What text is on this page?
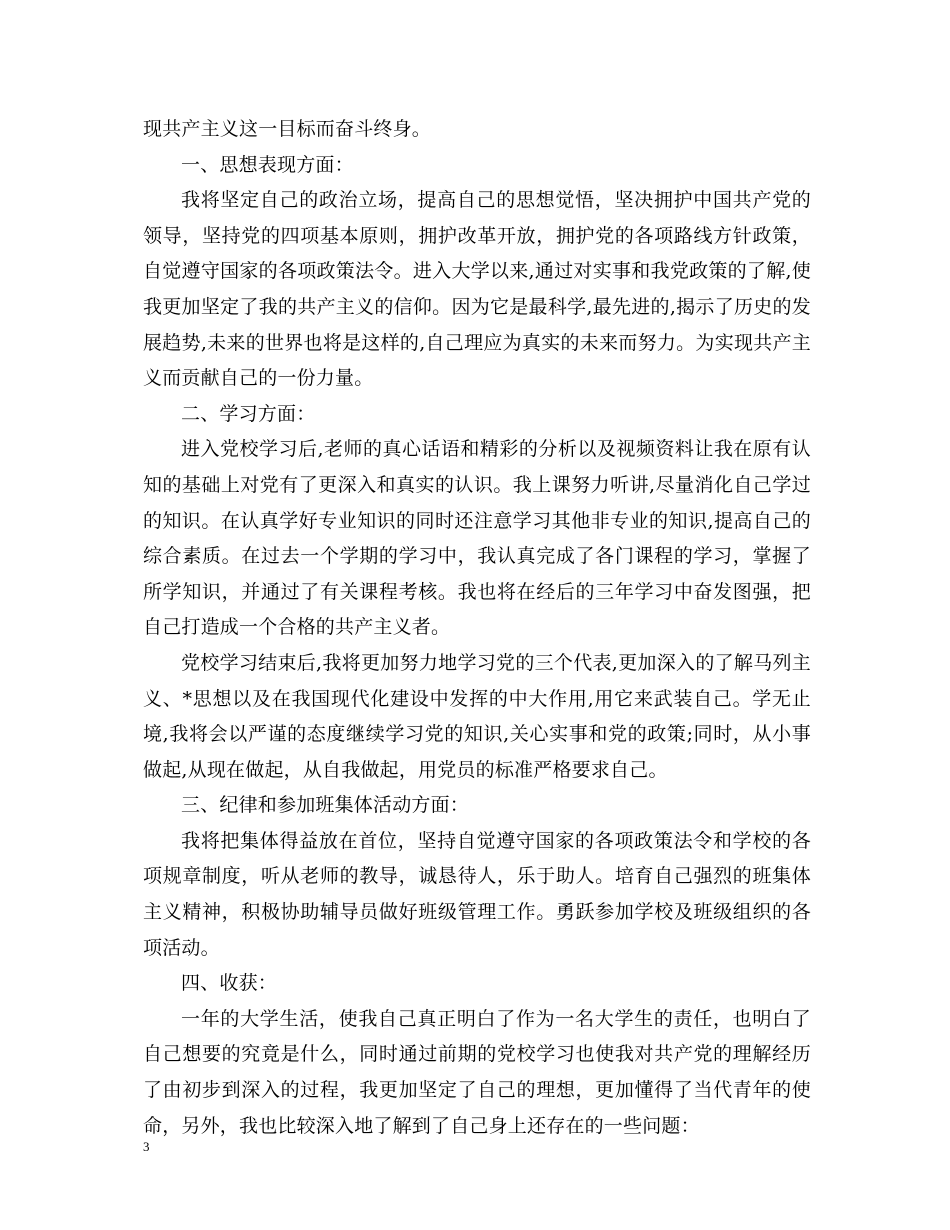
现共产主义这一目标而奋斗终身。

一、思想表现方面：

我将坚定自己的政治立场，提高自己的思想觉悟，坚决拥护中国共产党的领导，坚持党的四项基本原则，拥护改革开放，拥护党的各项路线方针政策，自觉遵守国家的各项政策法令。进入大学以来,通过对实事和我党政策的了解,使我更加坚定了我的共产主义的信仰。因为它是最科学,最先进的,揭示了历史的发展趋势,未来的世界也将是这样的,自己理应为真实的未来而努力。为实现共产主义而贡献自己的一份力量。

二、学习方面：

进入党校学习后,老师的真心话语和精彩的分析以及视频资料让我在原有认知的基础上对党有了更深入和真实的认识。我上课努力听讲,尽量消化自己学过的知识。在认真学好专业知识的同时还注意学习其他非专业的知识,提高自己的综合素质。在过去一个学期的学习中，我认真完成了各门课程的学习，掌握了所学知识，并通过了有关课程考核。我也将在经后的三年学习中奋发图强，把自己打造成一个合格的共产主义者。

党校学习结束后,我将更加努力地学习党的三个代表,更加深入的了解马列主义、*思想以及在我国现代化建设中发挥的中大作用,用它来武装自己。学无止境,我将会以严谨的态度继续学习党的知识,关心实事和党的政策;同时，从小事做起,从现在做起，从自我做起，用党员的标准严格要求自己。

三、纪律和参加班集体活动方面：

我将把集体得益放在首位，坚持自觉遵守国家的各项政策法令和学校的各项规章制度，听从老师的教导，诚恳待人，乐于助人。培育自己强烈的班集体主义精神，积极协助辅导员做好班级管理工作。勇跃参加学校及班级组织的各项活动。

四、收获：

一年的大学生活，使我自己真正明白了作为一名大学生的责任，也明白了自己想要的究竟是什么，同时通过前期的党校学习也使我对共产党的理解经历了由初步到深入的过程，我更加坚定了自己的理想，更加懂得了当代青年的使命，另外，我也比较深入地了解到了自己身上还存在的一些问题：

3
